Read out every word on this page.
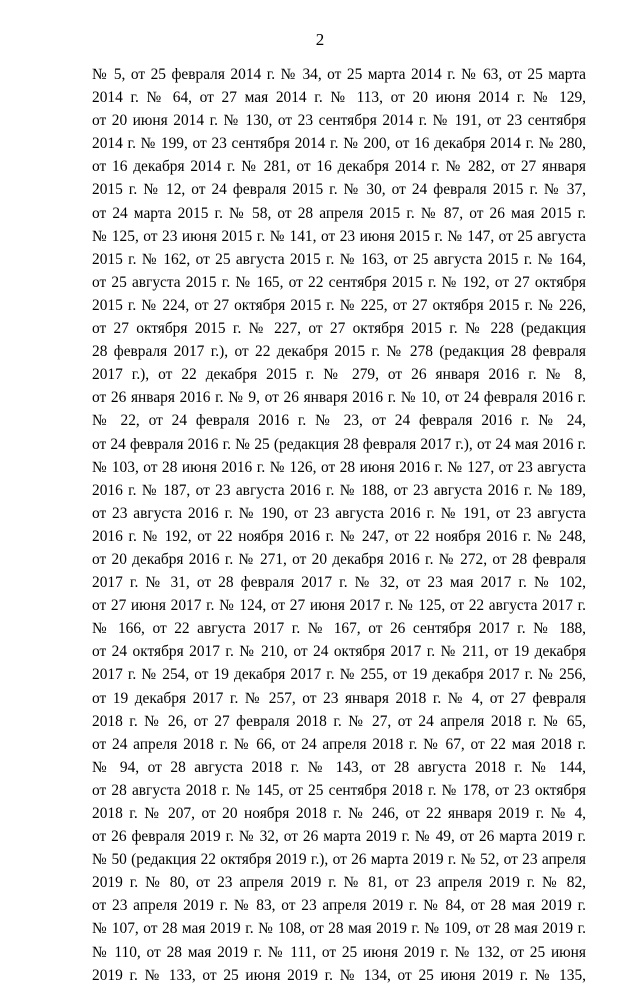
2
№ 5, от 25 февраля 2014 г. № 34, от 25 марта 2014 г. № 63, от 25 марта
2014 г. № 64, от 27 мая 2014 г. № 113, от 20 июня 2014 г. № 129,
от 20 июня 2014 г. № 130, от 23 сентября 2014 г. № 191, от 23 сентября
2014 г. № 199, от 23 сентября 2014 г. № 200, от 16 декабря 2014 г. № 280,
от 16 декабря 2014 г. № 281, от 16 декабря 2014 г. № 282, от 27 января
2015 г. № 12, от 24 февраля 2015 г. № 30, от 24 февраля 2015 г. № 37,
от 24 марта 2015 г. № 58, от 28 апреля 2015 г. № 87, от 26 мая 2015 г.
№ 125, от 23 июня 2015 г. № 141, от 23 июня 2015 г. № 147, от 25 августа
2015 г. № 162, от 25 августа 2015 г. № 163, от 25 августа 2015 г. № 164,
от 25 августа 2015 г. № 165, от 22 сентября 2015 г. № 192, от 27 октября
2015 г. № 224, от 27 октября 2015 г. № 225, от 27 октября 2015 г. № 226,
от 27 октября 2015 г. № 227, от 27 октября 2015 г. № 228 (редакция
28 февраля 2017 г.), от 22 декабря 2015 г. № 278 (редакция 28 февраля
2017 г.), от 22 декабря 2015 г. № 279, от 26 января 2016 г. № 8,
от 26 января 2016 г. № 9, от 26 января 2016 г. № 10, от 24 февраля 2016 г.
№ 22, от 24 февраля 2016 г. № 23, от 24 февраля 2016 г. № 24,
от 24 февраля 2016 г. № 25 (редакция 28 февраля 2017 г.), от 24 мая 2016 г.
№ 103, от 28 июня 2016 г. № 126, от 28 июня 2016 г. № 127, от 23 августа
2016 г. № 187, от 23 августа 2016 г. № 188, от 23 августа 2016 г. № 189,
от 23 августа 2016 г. № 190, от 23 августа 2016 г. № 191, от 23 августа
2016 г. № 192, от 22 ноября 2016 г. № 247, от 22 ноября 2016 г. № 248,
от 20 декабря 2016 г. № 271, от 20 декабря 2016 г. № 272, от 28 февраля
2017 г. № 31, от 28 февраля 2017 г. № 32, от 23 мая 2017 г. № 102,
от 27 июня 2017 г. № 124, от 27 июня 2017 г. № 125, от 22 августа 2017 г.
№ 166, от 22 августа 2017 г. № 167, от 26 сентября 2017 г. № 188,
от 24 октября 2017 г. № 210, от 24 октября 2017 г. № 211, от 19 декабря
2017 г. № 254, от 19 декабря 2017 г. № 255, от 19 декабря 2017 г. № 256,
от 19 декабря 2017 г. № 257, от 23 января 2018 г. № 4, от 27 февраля
2018 г. № 26, от 27 февраля 2018 г. № 27, от 24 апреля 2018 г. № 65,
от 24 апреля 2018 г. № 66, от 24 апреля 2018 г. № 67, от 22 мая 2018 г.
№ 94, от 28 августа 2018 г. № 143, от 28 августа 2018 г. № 144,
от 28 августа 2018 г. № 145, от 25 сентября 2018 г. № 178, от 23 октября
2018 г. № 207, от 20 ноября 2018 г. № 246, от 22 января 2019 г. № 4,
от 26 февраля 2019 г. № 32, от 26 марта 2019 г. № 49, от 26 марта 2019 г.
№ 50 (редакция 22 октября 2019 г.), от 26 марта 2019 г. № 52, от 23 апреля
2019 г. № 80, от 23 апреля 2019 г. № 81, от 23 апреля 2019 г. № 82,
от 23 апреля 2019 г. № 83, от 23 апреля 2019 г. № 84, от 28 мая 2019 г.
№ 107, от 28 мая 2019 г. № 108, от 28 мая 2019 г. № 109, от 28 мая 2019 г.
№ 110, от 28 мая 2019 г. № 111, от 25 июня 2019 г. № 132, от 25 июня
2019 г. № 133, от 25 июня 2019 г. № 134, от 25 июня 2019 г. № 135,
